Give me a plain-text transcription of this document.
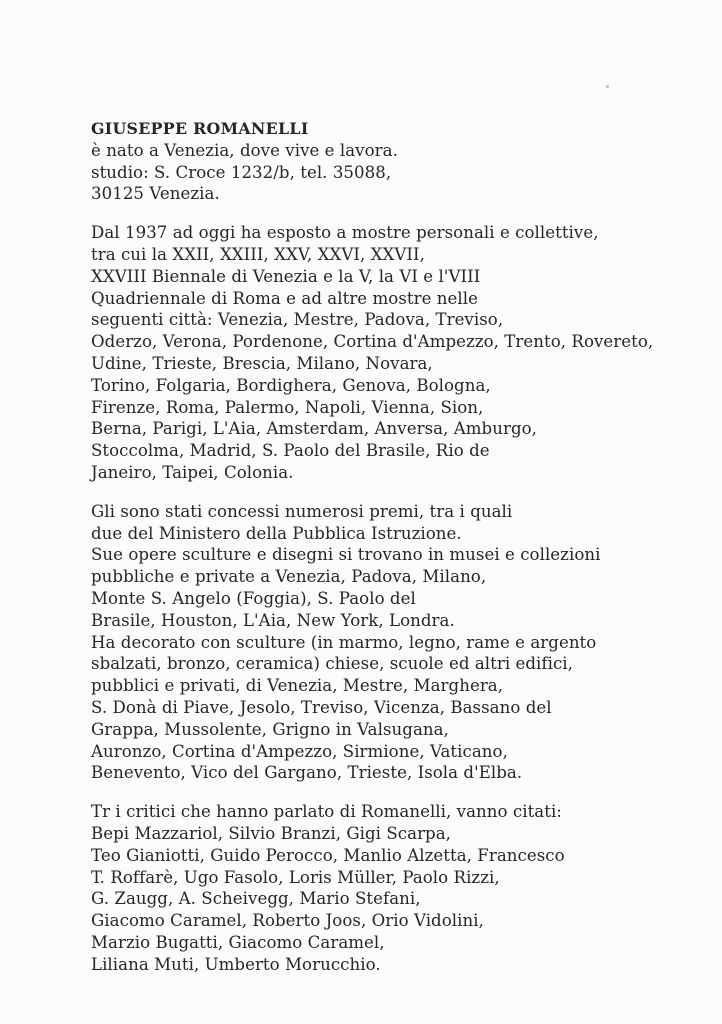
GIUSEPPE ROMANELLI
è nato a Venezia, dove vive e lavora.
studio: S. Croce 1232/b, tel. 35088,
30125 Venezia.
Dal 1937 ad oggi ha esposto a mostre personali e collettive,
tra cui la XXII, XXIII, XXV, XXVI, XXVII,
XXVIII Biennale di Venezia e la V, la VI e l'VIII
Quadriennale di Roma e ad altre mostre nelle
seguenti città: Venezia, Mestre, Padova, Treviso,
Oderzo, Verona, Pordenone, Cortina d'Ampezzo, Trento, Rovereto,
Udine, Trieste, Brescia, Milano, Novara,
Torino, Folgaria, Bordighera, Genova, Bologna,
Firenze, Roma, Palermo, Napoli, Vienna, Sion,
Berna, Parigi, L'Aia, Amsterdam, Anversa, Amburgo,
Stoccolma, Madrid, S. Paolo del Brasile, Rio de
Janeiro, Taipei, Colonia.
Gli sono stati concessi numerosi premi, tra i quali
due del Ministero della Pubblica Istruzione.
Sue opere sculture e disegni si trovano in musei e collezioni
pubbliche e private a Venezia, Padova, Milano,
Monte S. Angelo (Foggia), S. Paolo del
Brasile, Houston, L'Aia, New York, Londra.
Ha decorato con sculture (in marmo, legno, rame e argento
sbalzati, bronzo, ceramica) chiese, scuole ed altri edifici,
pubblici e privati, di Venezia, Mestre, Marghera,
S. Donà di Piave, Jesolo, Treviso, Vicenza, Bassano del
Grappa, Mussolente, Grigno in Valsugana,
Auronzo, Cortina d'Ampezzo, Sirmione, Vaticano,
Benevento, Vico del Gargano, Trieste, Isola d'Elba.
Tr i critici che hanno parlato di Romanelli, vanno citati:
Bepi Mazzariol, Silvio Branzi, Gigi Scarpa,
Teo Gianiotti, Guido Perocco, Manlio Alzetta, Francesco
T. Roffarè, Ugo Fasolo, Loris Müller, Paolo Rizzi,
G. Zaugg, A. Scheivegg, Mario Stefani,
Giacomo Caramel, Roberto Joos, Orio Vidolini,
Marzio Bugatti, Giacomo Caramel,
Liliana Muti, Umberto Morucchio.
